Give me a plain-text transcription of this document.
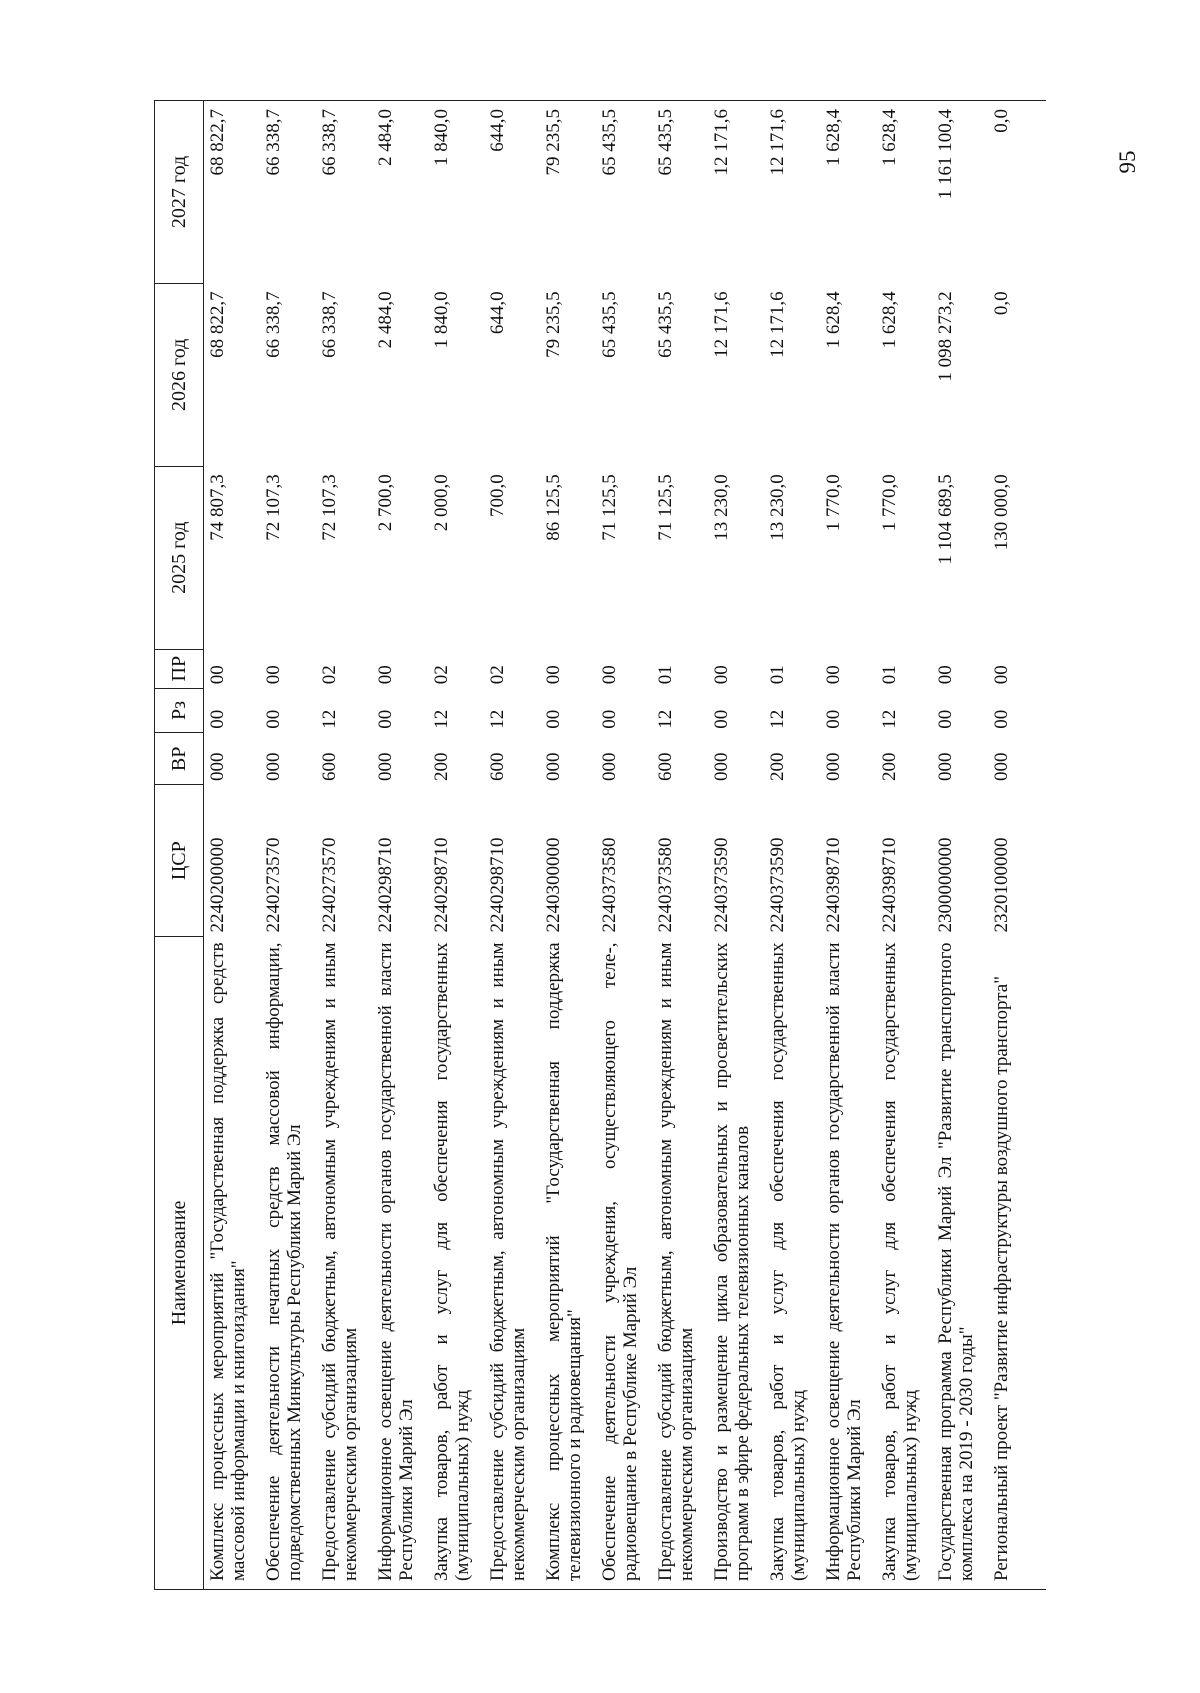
95
Наименование	ЦСР	ВР	Рз	ПР	2025 год	2026 год	2027 год
Комплекс процессных мероприятий "Государственная поддержка средств массовой информации и книгоиздания"	2240200000	000	00	00	74 807,3	68 822,7	68 822,7
Обеспечение деятельности печатных средств массовой информации, подведомственных Минкультуры Республики Марий Эл	2240273570	000	00	00	72 107,3	66 338,7	66 338,7
Предоставление субсидий бюджетным, автономным учреждениям и иным некоммерческим организациям	2240273570	600	12	02	72 107,3	66 338,7	66 338,7
Информационное освещение деятельности органов государственной власти Республики Марий Эл	2240298710	000	00	00	2 700,0	2 484,0	2 484,0
Закупка товаров, работ и услуг для обеспечения государственных (муниципальных) нужд	2240298710	200	12	02	2 000,0	1 840,0	1 840,0
Предоставление субсидий бюджетным, автономным учреждениям и иным некоммерческим организациям	2240298710	600	12	02	700,0	644,0	644,0
Комплекс процессных мероприятий "Государственная поддержка телевизионного и радиовещания"	2240300000	000	00	00	86 125,5	79 235,5	79 235,5
Обеспечение деятельности учреждения, осуществляющего теле-, радиовещание в Республике Марий Эл	2240373580	000	00	00	71 125,5	65 435,5	65 435,5
Предоставление субсидий бюджетным, автономным учреждениям и иным некоммерческим организациям	2240373580	600	12	01	71 125,5	65 435,5	65 435,5
Производство и размещение цикла образовательных и просветительских программ в эфире федеральных телевизионных каналов	2240373590	000	00	00	13 230,0	12 171,6	12 171,6
Закупка товаров, работ и услуг для обеспечения государственных (муниципальных) нужд	2240373590	200	12	01	13 230,0	12 171,6	12 171,6
Информационное освещение деятельности органов государственной власти Республики Марий Эл	2240398710	000	00	00	1 770,0	1 628,4	1 628,4
Закупка товаров, работ и услуг для обеспечения государственных (муниципальных) нужд	2240398710	200	12	01	1 770,0	1 628,4	1 628,4
Государственная программа Республики Марий Эл "Развитие транспортного комплекса на 2019 - 2030 годы"	2300000000	000	00	00	1 104 689,5	1 098 273,2	1 161 100,4
Региональный проект "Развитие инфраструктуры воздушного транспорта"	2320100000	000	00	00	130 000,0	0,0	0,0
